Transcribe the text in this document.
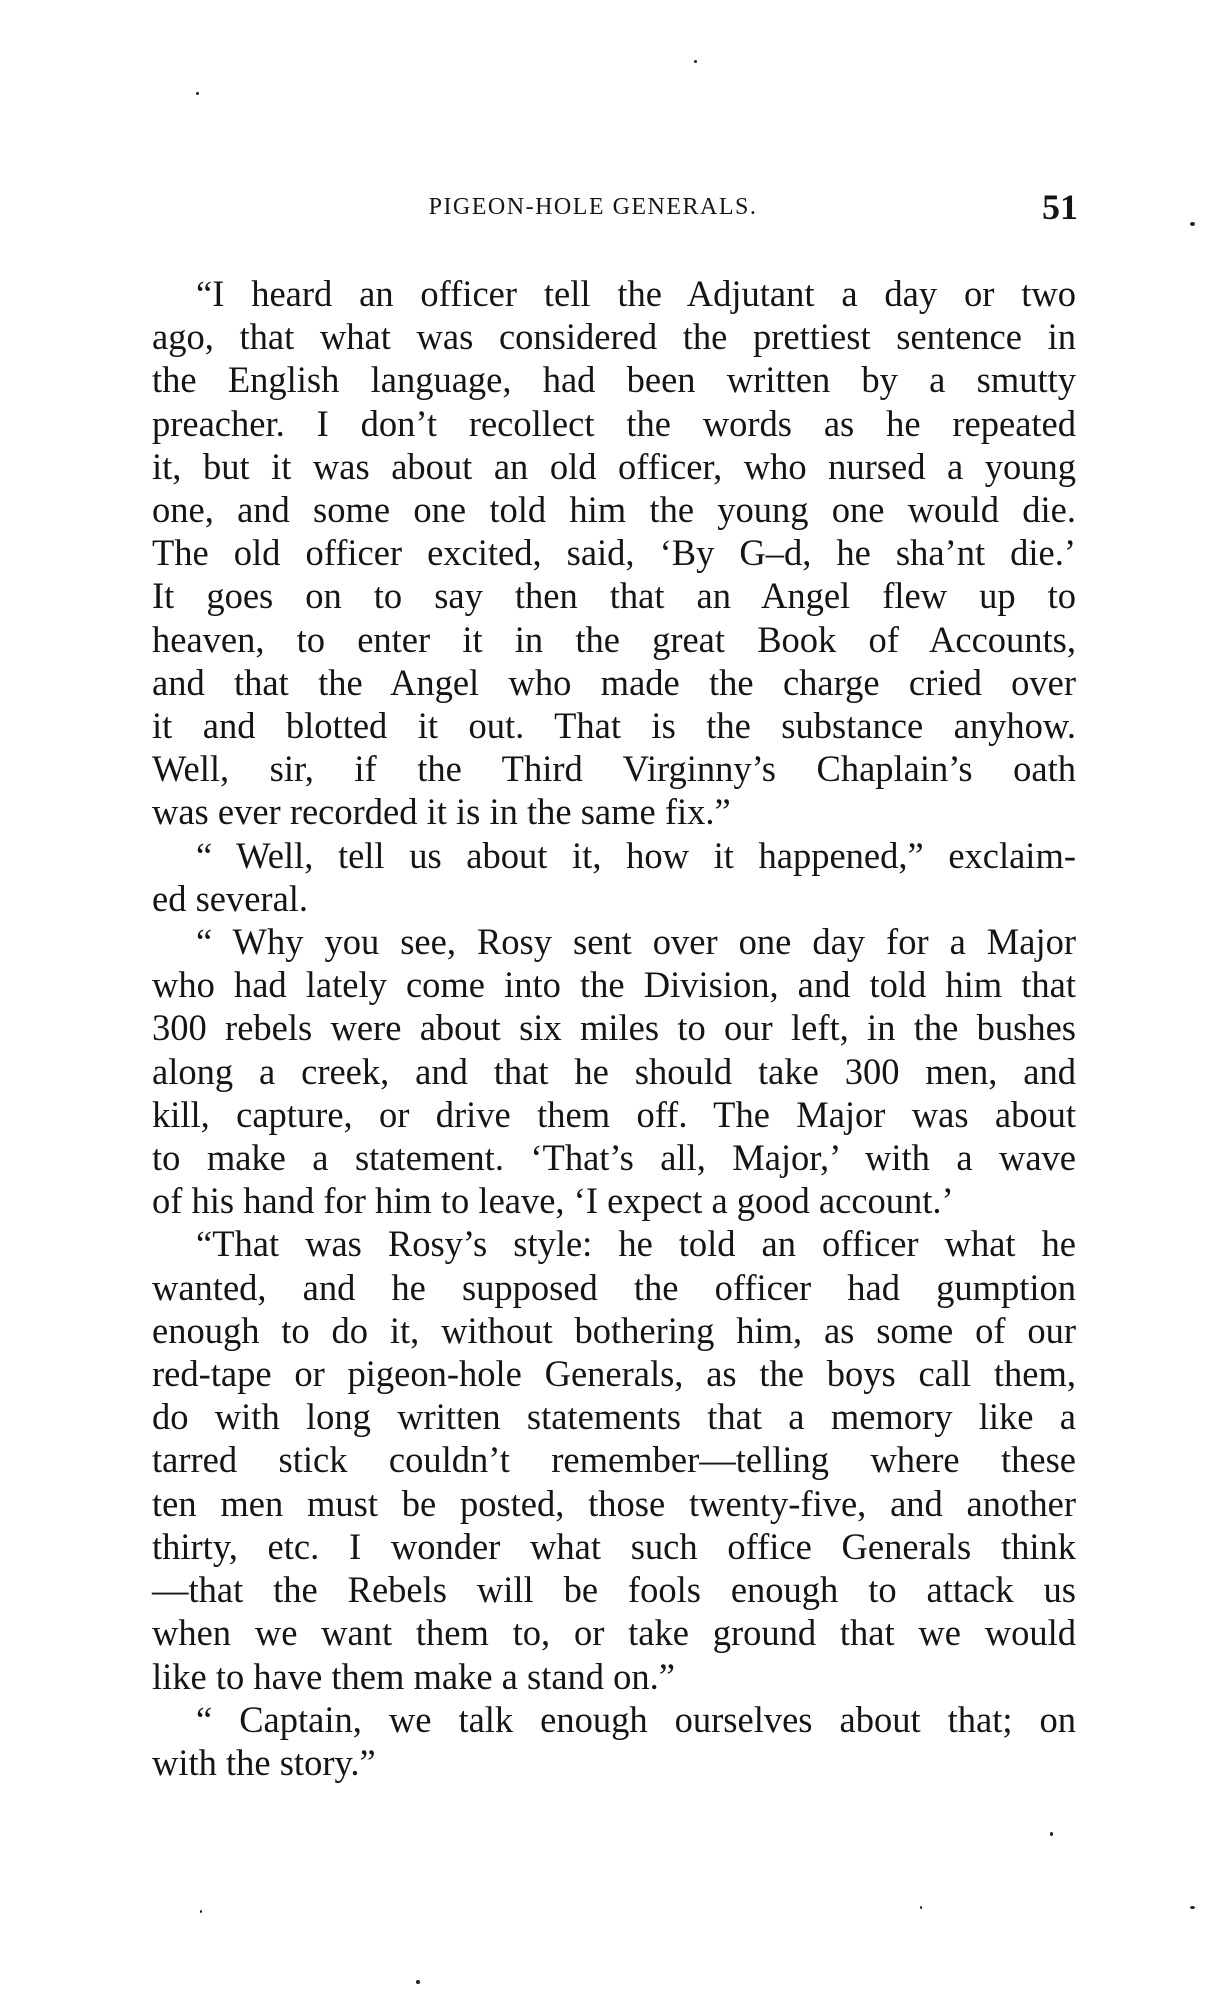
PIGEON-HOLE GENERALS.	51
“I heard an officer tell the Adjutant a day or two
ago, that what was considered the prettiest sentence in
the English language, had been written by a smutty
preacher. I don’t recollect the words as he repeated
it, but it was about an old officer, who nursed a young
one, and some one told him the young one would die.
The old officer excited, said, ‘By G–d, he sha’nt die.’
It goes on to say then that an Angel flew up to
heaven, to enter it in the great Book of Accounts,
and that the Angel who made the charge cried over
it and blotted it out. That is the substance anyhow.
Well, sir, if the Third Virginny’s Chaplain’s oath
was ever recorded it is in the same fix.”
“ Well, tell us about it, how it happened,” exclaim-
ed several.
“ Why you see, Rosy sent over one day for a Major
who had lately come into the Division, and told him that
300 rebels were about six miles to our left, in the bushes
along a creek, and that he should take 300 men, and
kill, capture, or drive them off. The Major was about
to make a statement. ‘That’s all, Major,’ with a wave
of his hand for him to leave, ‘I expect a good account.’
“That was Rosy’s style: he told an officer what he
wanted, and he supposed the officer had gumption
enough to do it, without bothering him, as some of our
red-tape or pigeon-hole Generals, as the boys call them,
do with long written statements that a memory like a
tarred stick couldn’t remember—telling where these
ten men must be posted, those twenty-five, and another
thirty, etc. I wonder what such office Generals think
—that the Rebels will be fools enough to attack us
when we want them to, or take ground that we would
like to have them make a stand on.”
“ Captain, we talk enough ourselves about that; on
with the story.”
